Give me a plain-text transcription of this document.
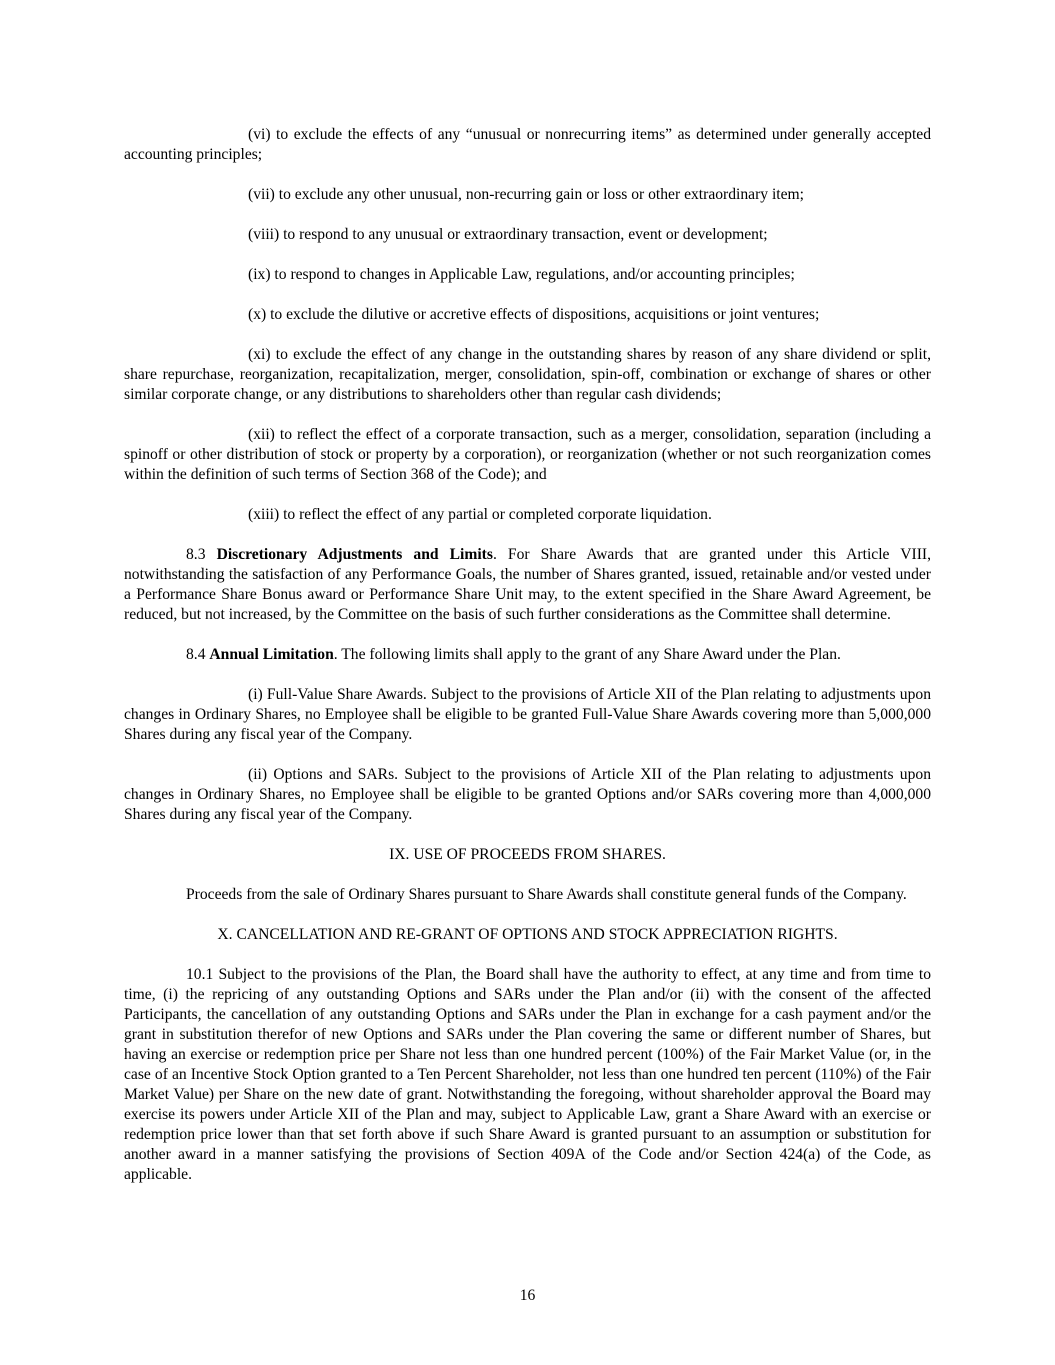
(vi) to exclude the effects of any “unusual or nonrecurring items” as determined under generally accepted accounting principles;

(vii) to exclude any other unusual, non-recurring gain or loss or other extraordinary item;

(viii) to respond to any unusual or extraordinary transaction, event or development;

(ix) to respond to changes in Applicable Law, regulations, and/or accounting principles;

(x) to exclude the dilutive or accretive effects of dispositions, acquisitions or joint ventures;

(xi) to exclude the effect of any change in the outstanding shares by reason of any share dividend or split, share repurchase, reorganization, recapitalization, merger, consolidation, spin-off, combination or exchange of shares or other similar corporate change, or any distributions to shareholders other than regular cash dividends;

(xii) to reflect the effect of a corporate transaction, such as a merger, consolidation, separation (including a spinoff or other distribution of stock or property by a corporation), or reorganization (whether or not such reorganization comes within the definition of such terms of Section 368 of the Code); and

(xiii) to reflect the effect of any partial or completed corporate liquidation.

8.3 Discretionary Adjustments and Limits. For Share Awards that are granted under this Article VIII, notwithstanding the satisfaction of any Performance Goals, the number of Shares granted, issued, retainable and/or vested under a Performance Share Bonus award or Performance Share Unit may, to the extent specified in the Share Award Agreement, be reduced, but not increased, by the Committee on the basis of such further considerations as the Committee shall determine.

8.4 Annual Limitation. The following limits shall apply to the grant of any Share Award under the Plan.

(i) Full-Value Share Awards. Subject to the provisions of Article XII of the Plan relating to adjustments upon changes in Ordinary Shares, no Employee shall be eligible to be granted Full-Value Share Awards covering more than 5,000,000 Shares during any fiscal year of the Company.

(ii) Options and SARs. Subject to the provisions of Article XII of the Plan relating to adjustments upon changes in Ordinary Shares, no Employee shall be eligible to be granted Options and/or SARs covering more than 4,000,000 Shares during any fiscal year of the Company.

IX. USE OF PROCEEDS FROM SHARES.

Proceeds from the sale of Ordinary Shares pursuant to Share Awards shall constitute general funds of the Company.

X. CANCELLATION AND RE-GRANT OF OPTIONS AND STOCK APPRECIATION RIGHTS.

10.1 Subject to the provisions of the Plan, the Board shall have the authority to effect, at any time and from time to time, (i) the repricing of any outstanding Options and SARs under the Plan and/or (ii) with the consent of the affected Participants, the cancellation of any outstanding Options and SARs under the Plan in exchange for a cash payment and/or the grant in substitution therefor of new Options and SARs under the Plan covering the same or different number of Shares, but having an exercise or redemption price per Share not less than one hundred percent (100%) of the Fair Market Value (or, in the case of an Incentive Stock Option granted to a Ten Percent Shareholder, not less than one hundred ten percent (110%) of the Fair Market Value) per Share on the new date of grant. Notwithstanding the foregoing, without shareholder approval the Board may exercise its powers under Article XII of the Plan and may, subject to Applicable Law, grant a Share Award with an exercise or redemption price lower than that set forth above if such Share Award is granted pursuant to an assumption or substitution for another award in a manner satisfying the provisions of Section 409A of the Code and/or Section 424(a) of the Code, as applicable.

16
